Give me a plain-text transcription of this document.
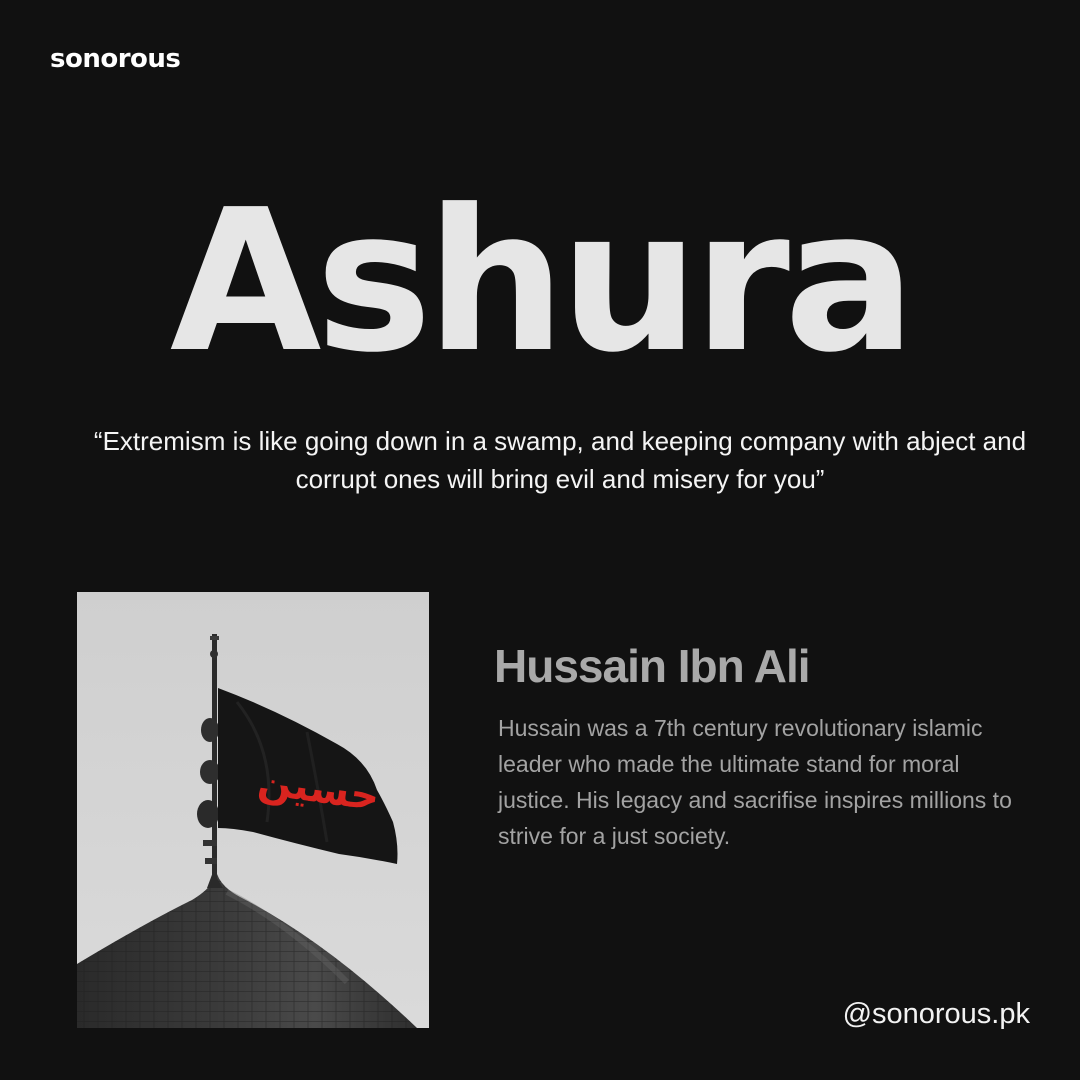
sonorous
Ashura
“Extremism is like going down in a swamp, and keeping company with abject and corrupt ones will bring evil and misery for you”
حسين
Hussain Ibn Ali
Hussain was a 7th century revolutionary islamic leader who made the ultimate stand for moral justice. His legacy and sacrifise inspires millions to strive for a just society.
@sonorous.pk
